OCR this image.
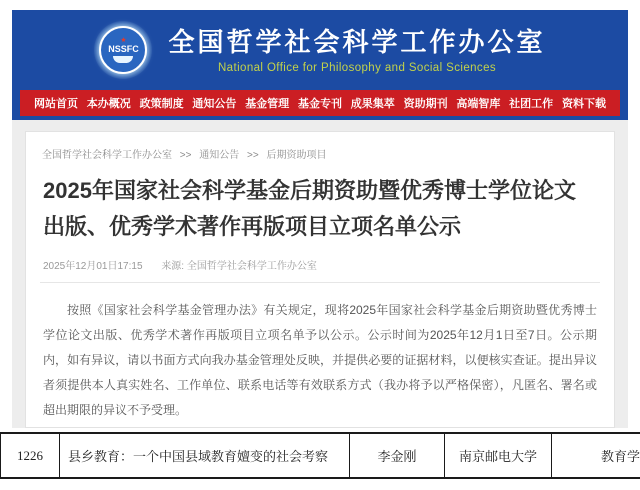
★
NSSFC 全国哲学社会科学工作办公室
National Office for Philosophy and Social Sciences
网站首页 本办概况 政策制度 通知公告 基金管理 基金专刊 成果集萃 资助期刊 高端智库 社团工作 资料下载
全国哲学社会科学工作办公室 >> 通知公告 >> 后期资助项目
2025年国家社会科学基金后期资助暨优秀博士学位论文出版、优秀学术著作再版项目立项名单公示
2025年12月01日17:15 来源: 全国哲学社会科学工作办公室

按照《国家社会科学基金管理办法》有关规定，现将2025年国家社会科学基金后期资助暨优秀博士学位论文出版、优秀学术著作再版项目立项名单予以公示。公示时间为2025年12月1日至7日。公示期内，如有异议，请以书面方式向我办基金管理处反映，并提供必要的证据材料，以便核实查证。提出异议者须提供本人真实姓名、工作单位、联系电话等有效联系方式（我办将予以严格保密），凡匿名、署名或超出期限的异议不予受理。

1226	县乡教育：一个中国县域教育嬗变的社会考察	李金刚	南京邮电大学	教育学
